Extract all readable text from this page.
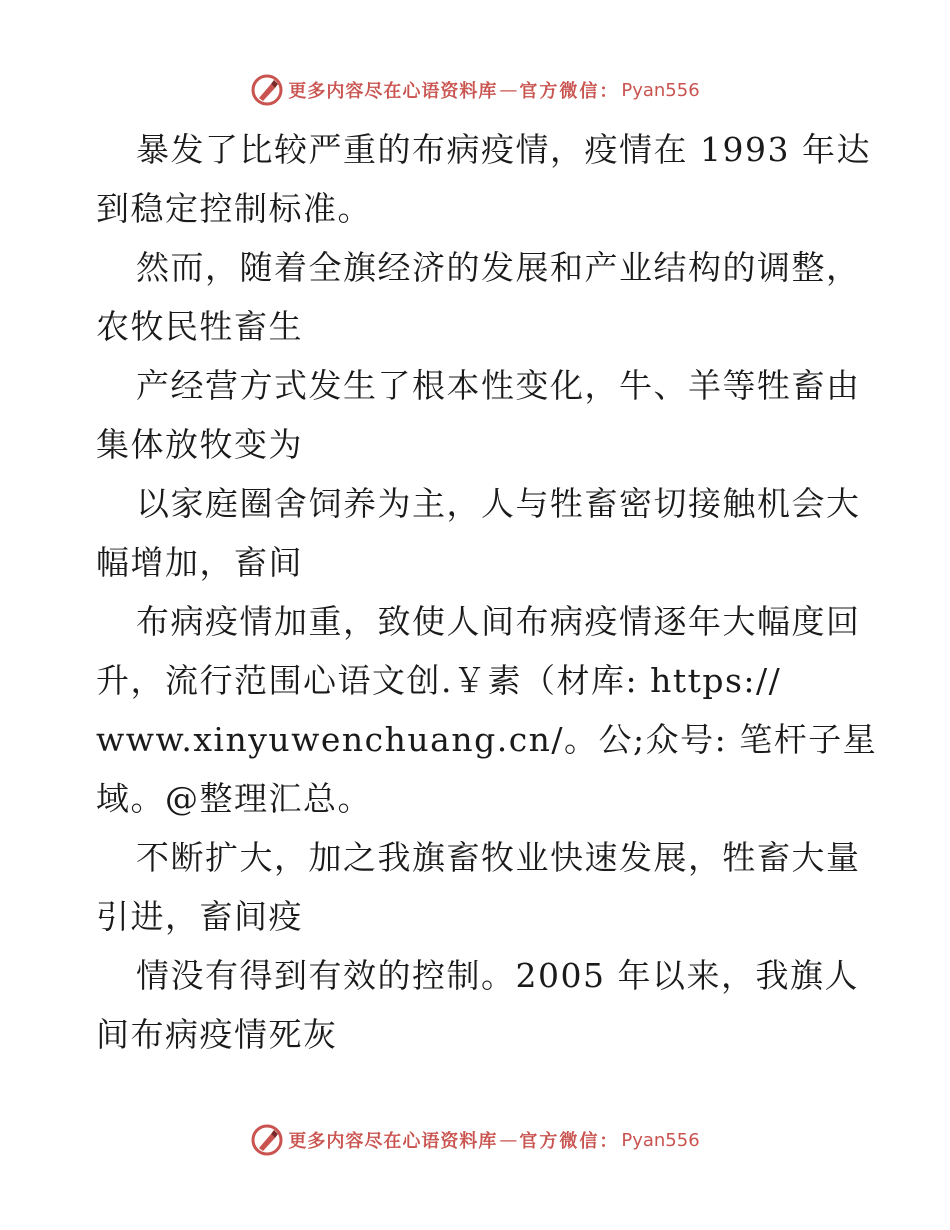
更多内容尽在心语资料库 — 官方微信： Pyan556
暴发了比较严重的布病疫情，疫情在 1993 年达
到稳定控制标准。
然而，随着全旗经济的发展和产业结构的调整，
农牧民牲畜生
产经营方式发生了根本性变化，牛、羊等牲畜由
集体放牧变为
以家庭圈舍饲养为主，人与牲畜密切接触机会大
幅增加，畜间
布病疫情加重，致使人间布病疫情逐年大幅度回
升，流行范围心语文创.￥素（材库: https://
www.xinyuwenchuang.cn/。公;众号: 笔杆子星
域。@整理汇总。
不断扩大，加之我旗畜牧业快速发展，牲畜大量
引进，畜间疫
情没有得到有效的控制。2005 年以来，我旗人
间布病疫情死灰
更多内容尽在心语资料库 — 官方微信： Pyan556
